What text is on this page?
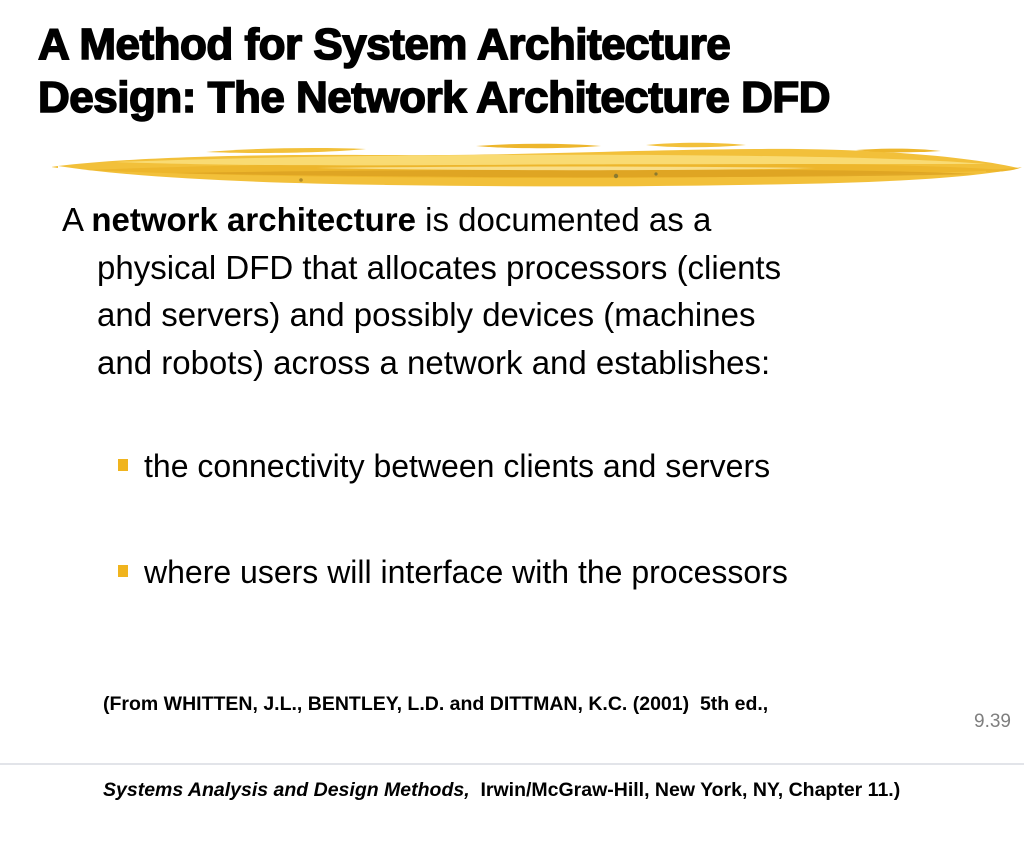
A Method for System Architecture
Design: The Network Architecture DFD
A network architecture is documented as a
physical DFD that allocates processors (clients
and servers) and possibly devices (machines
and robots) across a network and establishes:
the connectivity between clients and servers
where users will interface with the processors

(From WHITTEN, J.L., BENTLEY, L.D. and DITTMAN, K.C. (2001)  5th ed.,

Systems Analysis and Design Methods,  Irwin/McGraw-Hill, New York, NY, Chapter 11.)

9.39
